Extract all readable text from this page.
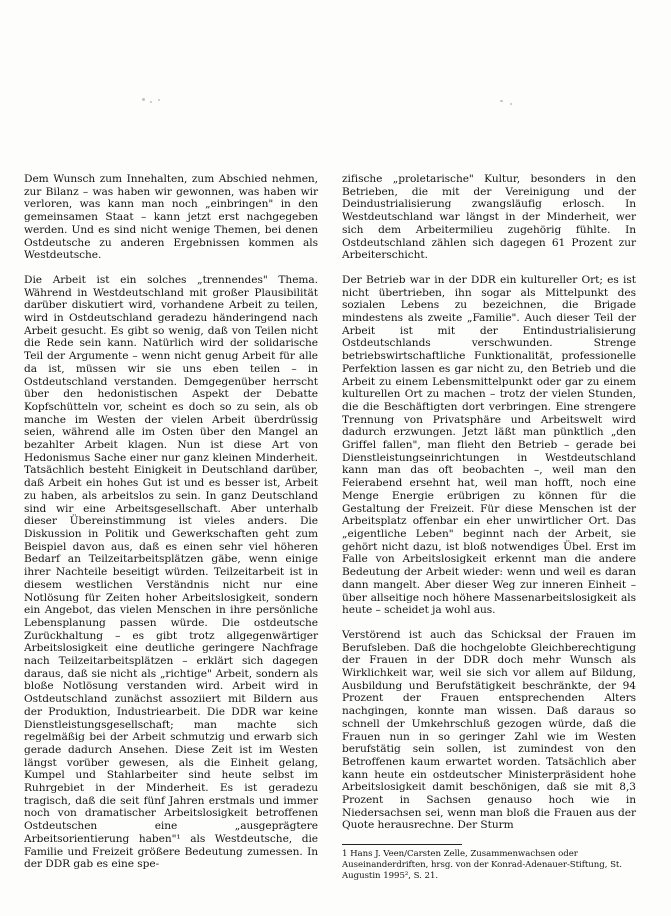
Dem Wunsch zum Innehalten, zum Abschied nehmen, zur Bilanz – was haben wir gewonnen, was haben wir verloren, was kann man noch „einbringen" in den gemeinsamen Staat – kann jetzt erst nachgegeben werden. Und es sind nicht wenige Themen, bei denen Ostdeutsche zu anderen Ergebnissen kommen als Westdeutsche.

Die Arbeit ist ein solches „trennendes" Thema. Während in Westdeutschland mit großer Plausibilität darüber diskutiert wird, vorhandene Arbeit zu teilen, wird in Ostdeutschland geradezu händeringend nach Arbeit gesucht. Es gibt so wenig, daß von Teilen nicht die Rede sein kann. Natürlich wird der solidarische Teil der Argumente – wenn nicht genug Arbeit für alle da ist, müssen wir sie uns eben teilen – in Ostdeutschland verstanden. Demgegenüber herrscht über den hedonistischen Aspekt der Debatte Kopfschütteln vor, scheint es doch so zu sein, als ob manche im Westen der vielen Arbeit überdrüssig seien, während alle im Osten über den Mangel an bezahlter Arbeit klagen. Nun ist diese Art von Hedonismus Sache einer nur ganz kleinen Minderheit. Tatsächlich besteht Einigkeit in Deutschland darüber, daß Arbeit ein hohes Gut ist und es besser ist, Arbeit zu haben, als arbeitslos zu sein. In ganz Deutschland sind wir eine Arbeitsgesellschaft. Aber unterhalb dieser Übereinstimmung ist vieles anders. Die Diskussion in Politik und Gewerkschaften geht zum Beispiel davon aus, daß es einen sehr viel höheren Bedarf an Teilzeitarbeitsplätzen gäbe, wenn einige ihrer Nachteile beseitigt würden. Teilzeitarbeit ist in diesem westlichen Verständnis nicht nur eine Notlösung für Zeiten hoher Arbeitslosigkeit, sondern ein Angebot, das vielen Menschen in ihre persönliche Lebensplanung passen würde. Die ostdeutsche Zurückhaltung – es gibt trotz allgegenwärtiger Arbeitslosigkeit eine deutliche geringere Nachfrage nach Teilzeitarbeitsplätzen – erklärt sich dagegen daraus, daß sie nicht als „richtige" Arbeit, sondern als bloße Notlösung verstanden wird. Arbeit wird in Ostdeutschland zunächst assoziiert mit Bildern aus der Produktion, Industriearbeit. Die DDR war keine Dienstleistungsgesellschaft; man machte sich regelmäßig bei der Arbeit schmutzig und erwarb sich gerade dadurch Ansehen. Diese Zeit ist im Westen längst vorüber gewesen, als die Einheit gelang, Kumpel und Stahlarbeiter sind heute selbst im Ruhrgebiet in der Minderheit. Es ist geradezu tragisch, daß die seit fünf Jahren erstmals und immer noch von dramatischer Arbeitslosigkeit betroffenen Ostdeutschen eine „ausgeprägtere Arbeitsorientierung haben"¹ als Westdeutsche, die Familie und Freizeit größere Bedeutung zumessen. In der DDR gab es eine spe-

zifische „proletarische" Kultur, besonders in den Betrieben, die mit der Vereinigung und der Deindustrialisierung zwangsläufig erlosch. In Westdeutschland war längst in der Minderheit, wer sich dem Arbeitermilieu zugehörig fühlte. In Ostdeutschland zählen sich dagegen 61 Prozent zur Arbeiterschicht.

Der Betrieb war in der DDR ein kultureller Ort; es ist nicht übertrieben, ihn sogar als Mittelpunkt des sozialen Lebens zu bezeichnen, die Brigade mindestens als zweite „Familie". Auch dieser Teil der Arbeit ist mit der Entindustrialisierung Ostdeutschlands verschwunden. Strenge betriebswirtschaftliche Funktionalität, professionelle Perfektion lassen es gar nicht zu, den Betrieb und die Arbeit zu einem Lebensmittelpunkt oder gar zu einem kulturellen Ort zu machen – trotz der vielen Stunden, die die Beschäftigten dort verbringen. Eine strengere Trennung von Privatsphäre und Arbeitswelt wird dadurch erzwungen. Jetzt läßt man pünktlich „den Griffel fallen", man flieht den Betrieb – gerade bei Dienstleistungseinrichtungen in Westdeutschland kann man das oft beobachten –, weil man den Feierabend ersehnt hat, weil man hofft, noch eine Menge Energie erübrigen zu können für die Gestaltung der Freizeit. Für diese Menschen ist der Arbeitsplatz offenbar ein eher unwirtlicher Ort. Das „eigentliche Leben" beginnt nach der Arbeit, sie gehört nicht dazu, ist bloß notwendiges Übel. Erst im Falle von Arbeitslosigkeit erkennt man die andere Bedeutung der Arbeit wieder: wenn und weil es daran dann mangelt. Aber dieser Weg zur inneren Einheit – über allseitige noch höhere Massenarbeitslosigkeit als heute – scheidet ja wohl aus.

Verstörend ist auch das Schicksal der Frauen im Berufsleben. Daß die hochgelobte Gleichberechtigung der Frauen in der DDR doch mehr Wunsch als Wirklichkeit war, weil sie sich vor allem auf Bildung, Ausbildung und Berufstätigkeit beschränkte, der 94 Prozent der Frauen entsprechenden Alters nachgingen, konnte man wissen. Daß daraus so schnell der Umkehrschluß gezogen würde, daß die Frauen nun in so geringer Zahl wie im Westen berufstätig sein sollen, ist zumindest von den Betroffenen kaum erwartet worden. Tatsächlich aber kann heute ein ostdeutscher Ministerpräsident hohe Arbeitslosigkeit damit beschönigen, daß sie mit 8,3 Prozent in Sachsen genauso hoch wie in Niedersachsen sei, wenn man bloß die Frauen aus der Quote herausrechne. Der Sturm

1 Hans J. Veen/Carsten Zelle, Zusammenwachsen oder Auseinanderdriften, hrsg. von der Konrad-Adenauer-Stiftung, St. Augustin 1995², S. 21.
